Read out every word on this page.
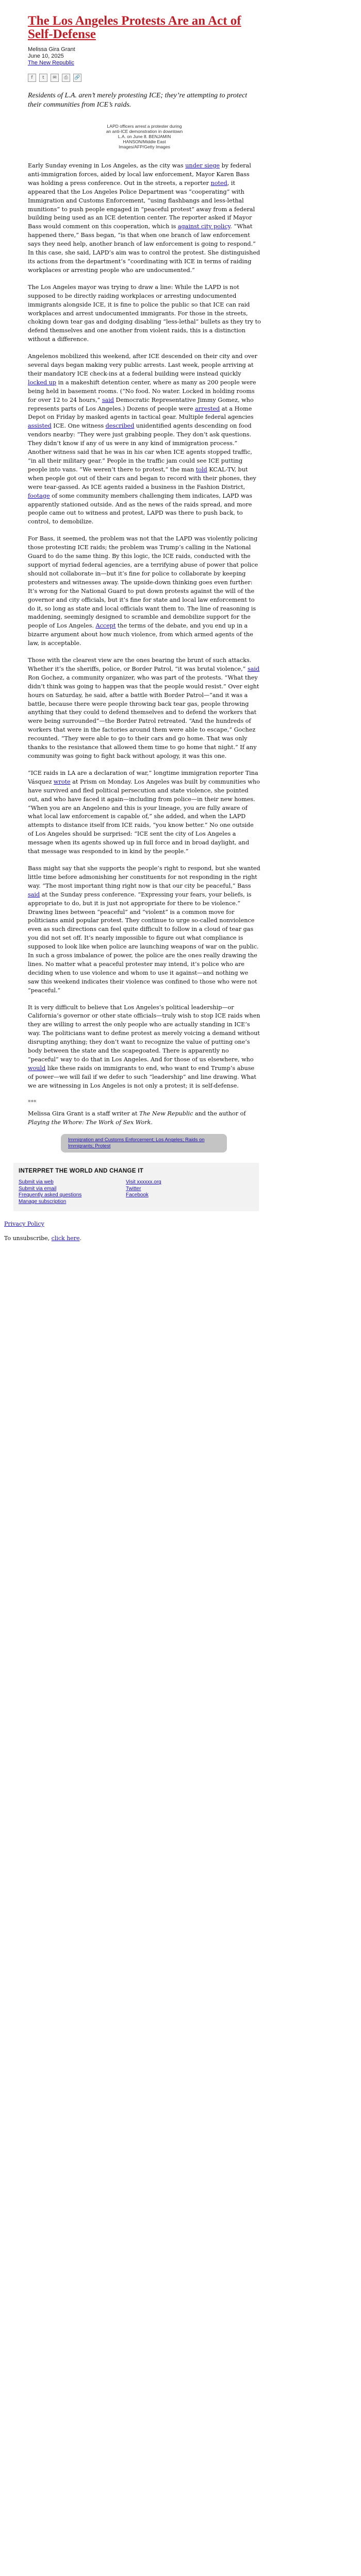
The Los Angeles Protests Are an Act of Self-Defense
Melissa Gira Grant
June 10, 2025
The New Republic
f	t	✉	⎙	🔗

Residents of L.A. aren’t merely protesting ICE; they’re attempting to protect their communities from ICE’s raids.

LAPD officers arrest a protester during an anti-ICE demonstration in downtown L.A. on June 8. BENJAMIN HANSON/Middle East Images/AFP/Getty Images

Early Sunday evening in Los Angeles, as the city was under siege by federal anti-immigration forces, aided by local law enforcement, Mayor Karen Bass was holding a press conference. Out in the streets, a reporter noted, it appeared that the Los Angeles Police Department was “cooperating” with Immigration and Customs Enforcement, “using flashbangs and less-lethal munitions” to push people engaged in “peaceful protest” away from a federal building being used as an ICE detention center. The reporter asked if Mayor Bass would comment on this cooperation, which is against city policy. “What happened there,” Bass began, “is that when one branch of law enforcement says they need help, another branch of law enforcement is going to respond.” In this case, she said, LAPD’s aim was to control the protest. She distinguished its actions from the department’s “coordinating with ICE in terms of raiding workplaces or arresting people who are undocumented.”

The Los Angeles mayor was trying to draw a line: While the LAPD is not supposed to be directly raiding workplaces or arresting undocumented immigrants alongside ICE, it is fine to police the public so that ICE can raid workplaces and arrest undocumented immigrants. For those in the streets, choking down tear gas and dodging disabling “less-lethal” bullets as they try to defend themselves and one another from violent raids, this is a distinction without a difference.

Angelenos mobilized this weekend, after ICE descended on their city and over several days began making very public arrests. Last week, people arriving at their mandatory ICE check-ins at a federal building were instead quickly locked up in a makeshift detention center, where as many as 200 people were being held in basement rooms. (“No food. No water. Locked in holding rooms for over 12 to 24 hours,” said Democratic Representative Jimmy Gomez, who represents parts of Los Angeles.) Dozens of people were arrested at a Home Depot on Friday by masked agents in tactical gear. Multiple federal agencies assisted ICE. One witness described unidentified agents descending on food vendors nearby: “They were just grabbing people. They don’t ask questions. They didn’t know if any of us were in any kind of immigration process.” Another witness said that he was in his car when ICE agents stopped traffic, “in all their military gear.” People in the traffic jam could see ICE putting people into vans. “We weren’t there to protest,” the man told KCAL-TV, but when people got out of their cars and began to record with their phones, they were tear-gassed. As ICE agents raided a business in the Fashion District, footage of some community members challenging them indicates, LAPD was apparently stationed outside. And as the news of the raids spread, and more people came out to witness and protest, LAPD was there to push back, to control, to demobilize.

For Bass, it seemed, the problem was not that the LAPD was violently policing those protesting ICE raids; the problem was Trump’s calling in the National Guard to do the same thing. By this logic, the ICE raids, conducted with the support of myriad federal agencies, are a terrifying abuse of power that police should not collaborate in—but it’s fine for police to collaborate by keeping protesters and witnesses away. The upside-down thinking goes even further: It’s wrong for the National Guard to put down protests against the will of the governor and city officials, but it’s fine for state and local law enforcement to do it, so long as state and local officials want them to. The line of reasoning is maddening, seemingly designed to scramble and demobilize support for the people of Los Angeles. Accept the terms of the debate, and you end up in a bizarre argument about how much violence, from which armed agents of the law, is acceptable.

Those with the clearest view are the ones bearing the brunt of such attacks. Whether it’s the sheriffs, police, or Border Patrol, “it was brutal violence,” said Ron Gochez, a community organizer, who was part of the protests. “What they didn’t think was going to happen was that the people would resist.” Over eight hours on Saturday, he said, after a battle with Border Patrol—“and it was a battle, because there were people throwing back tear gas, people throwing anything that they could to defend themselves and to defend the workers that were being surrounded”—the Border Patrol retreated. “And the hundreds of workers that were in the factories around them were able to escape,” Gochez recounted. “They were able to go to their cars and go home. That was only thanks to the resistance that allowed them time to go home that night.” If any community was going to fight back without apology, it was this one.

“ICE raids in LA are a declaration of war,” longtime immigration reporter Tina Vásquez wrote at Prism on Monday. Los Angeles was built by communities who have survived and fled political persecution and state violence, she pointed out, and who have faced it again—including from police—in their new homes. “When you are an Angeleno and this is your lineage, you are fully aware of what local law enforcement is capable of,” she added, and when the LAPD attempts to distance itself from ICE raids, “you know better.” No one outside of Los Angeles should be surprised: “ICE sent the city of Los Angeles a message when its agents showed up in full force and in broad daylight, and that message was responded to in kind by the people.”

Bass might say that she supports the people’s right to respond, but she wanted little time before admonishing her constituents for not responding in the right way. “The most important thing right now is that our city be peaceful,” Bass said at the Sunday press conference. “Expressing your fears, your beliefs, is appropriate to do, but it is just not appropriate for there to be violence.” Drawing lines between “peaceful” and “violent” is a common move for politicians amid popular protest. They continue to urge so-called nonviolence even as such directions can feel quite difficult to follow in a cloud of tear gas you did not set off. It’s nearly impossible to figure out what compliance is supposed to look like when police are launching weapons of war on the public. In such a gross imbalance of power, the police are the ones really drawing the lines. No matter what a peaceful protester may intend, it’s police who are deciding when to use violence and whom to use it against—and nothing we saw this weekend indicates their violence was confined to those who were not “peaceful.”

It is very difficult to believe that Los Angeles’s political leadership—or California’s governor or other state officials—truly wish to stop ICE raids when they are willing to arrest the only people who are actually standing in ICE’s way. The politicians want to define protest as merely voicing a demand without disrupting anything; they don’t want to recognize the value of putting one’s body between the state and the scapegoated. There is apparently no “peaceful” way to do that in Los Angeles. And for those of us elsewhere, who would like these raids on immigrants to end, who want to end Trump’s abuse of power—we will fail if we defer to such “leadership” and line drawing. What we are witnessing in Los Angeles is not only a protest; it is self-defense.

***

Melissa Gira Grant is a staff writer at The New Republic and the author of Playing the Whore: The Work of Sex Work.

Immigration and Customs Enforcement; Los Angeles; Raids on Immigrants; Protest
INTERPRET THE WORLD AND CHANGE IT
Submit via web
Submit via email
Frequently asked questions
Manage subscription
Visit xxxxxx.org
Twitter
Facebook

Privacy Policy

To unsubscribe, click here.
